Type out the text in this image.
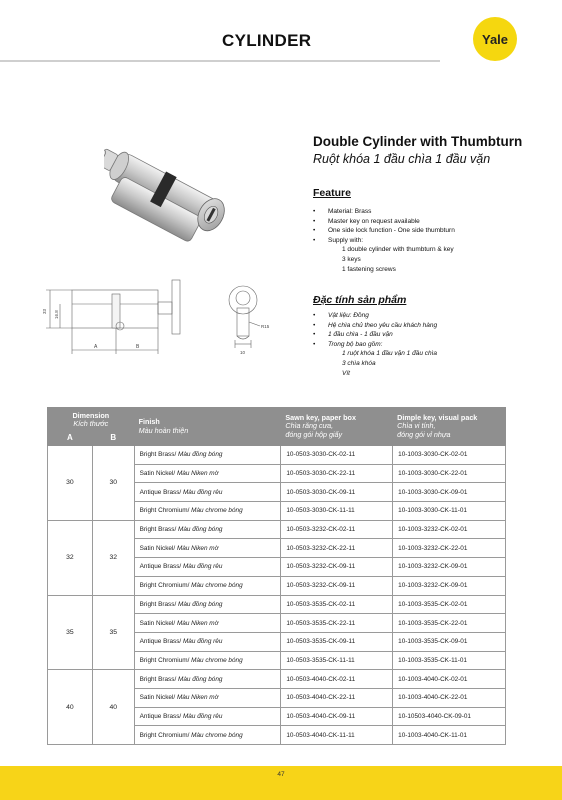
CYLINDER	Yale
A	B
33 16.8
10
R15
Double Cylinder with Thumbturn
Ruột khóa 1 đầu chìa 1 đầu vặn
Feature
• Material: Brass
• Master key on request available
• One side lock function - One side thumbturn
• Supply with:
1 double cylinder with thumbturn & key
3 keys
1 fastening screws
Đặc tính sản phẩm
• Vật liệu: Đồng
• Hệ chìa chủ theo yêu cầu khách hàng
• 1 đầu chìa - 1 đầu vặn
• Trong bộ bao gồm:
1 ruột khóa 1 đầu vặn 1 đầu chìa
3 chìa khóa
Vít
Dimension
Kích thước		Finish
Màu hoàn thiện	Sawn key, paper box
Chìa răng cưa,
đóng gói hộp giấy	Dimple key, visual pack
Chìa vi tính,
đóng gói vỉ nhựa
A	B			
30	30	Bright Brass/ Màu đồng bóng	10-0503-3030-CK-02-11	10-1003-3030-CK-02-01
		Satin Nickel/ Màu Niken mờ	10-0503-3030-CK-22-11	10-1003-3030-CK-22-01
		Antique Brass/ Màu đồng rêu	10-0503-3030-CK-09-11	10-1003-3030-CK-09-01
		Bright Chromium/ Màu chrome bóng	10-0503-3030-CK-11-11	10-1003-3030-CK-11-01
32	32	Bright Brass/ Màu đồng bóng	10-0503-3232-CK-02-11	10-1003-3232-CK-02-01
		Satin Nickel/ Màu Niken mờ	10-0503-3232-CK-22-11	10-1003-3232-CK-22-01
		Antique Brass/ Màu đồng rêu	10-0503-3232-CK-09-11	10-1003-3232-CK-09-01
		Bright Chromium/ Màu chrome bóng	10-0503-3232-CK-09-11	10-1003-3232-CK-09-01
35	35	Bright Brass/ Màu đồng bóng	10-0503-3535-CK-02-11	10-1003-3535-CK-02-01
		Satin Nickel/ Màu Niken mờ	10-0503-3535-CK-22-11	10-1003-3535-CK-22-01
		Antique Brass/ Màu đồng rêu	10-0503-3535-CK-09-11	10-1003-3535-CK-09-01
		Bright Chromium/ Màu chrome bóng	10-0503-3535-CK-11-11	10-1003-3535-CK-11-01
40	40	Bright Brass/ Màu đồng bóng	10-0503-4040-CK-02-11	10-1003-4040-CK-02-01
		Satin Nickel/ Màu Niken mờ	10-0503-4040-CK-22-11	10-1003-4040-CK-22-01
		Antique Brass/ Màu đồng rêu	10-0503-4040-CK-09-11	10-10503-4040-CK-09-01
		Bright Chromium/ Màu chrome bóng	10-0503-4040-CK-11-11	10-1003-4040-CK-11-01
47
